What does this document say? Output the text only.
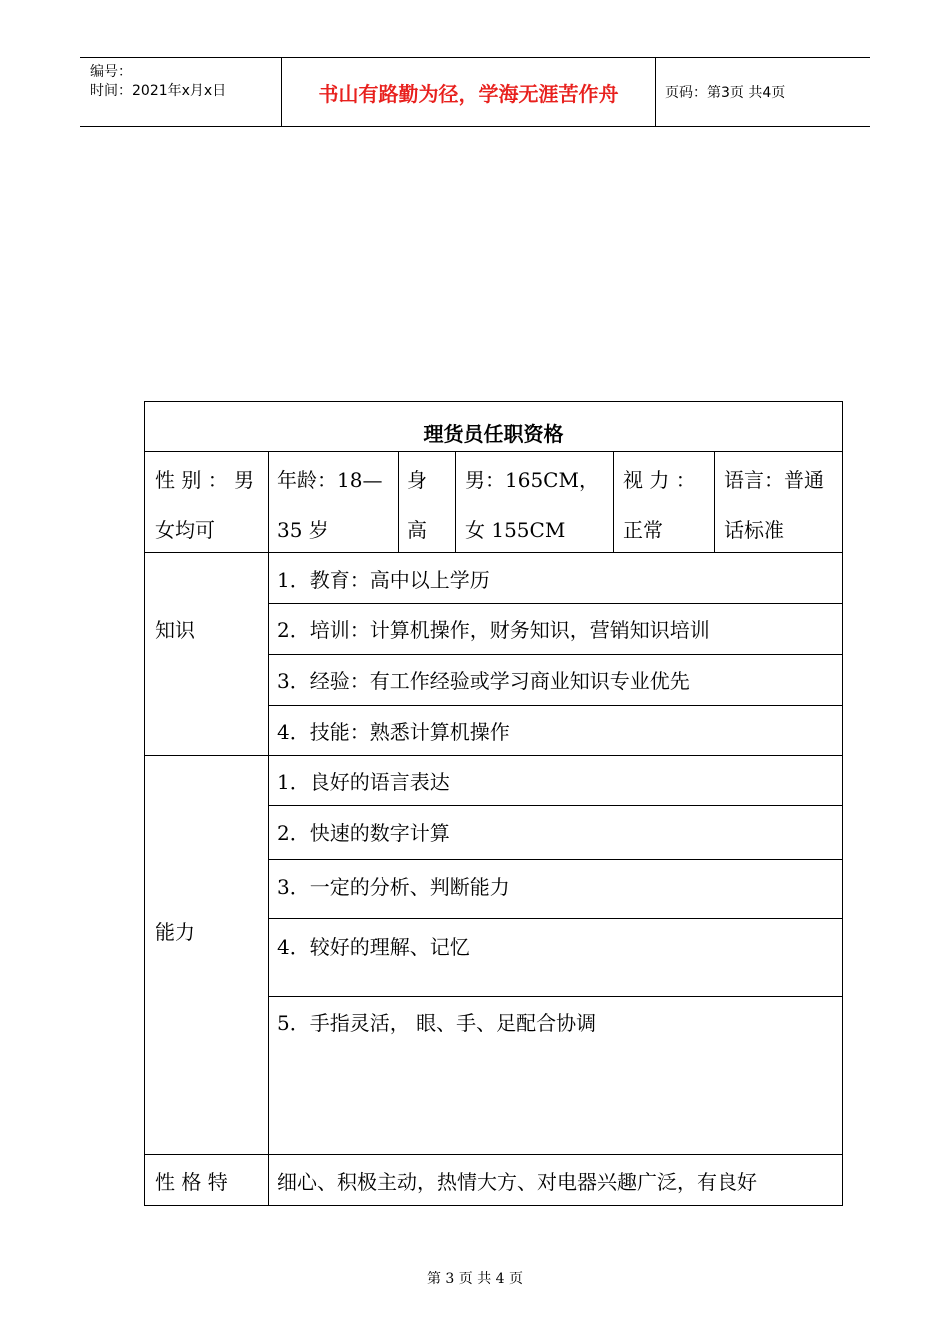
编号：
时间：2021年x月x日	书山有路勤为径，学海无涯苦作舟	页码：第3页 共4页
理货员任职资格
性 别 ： 男
女均可
年龄：18—
35 岁
身
高
男：165CM，
女 155CM
视 力 ：
正常
语言：普通
话标准
知识
1．教育：高中以上学历
2．培训：计算机操作，财务知识，营销知识培训
3．经验：有工作经验或学习商业知识专业优先
4．技能：熟悉计算机操作
能力
1．良好的语言表达
2．快速的数字计算
3．一定的分析、判断能力
4．较好的理解、记忆
5．手指灵活， 眼、手、足配合协调
性 格 特 细心、积极主动，热情大方、对电器兴趣广泛，有良好
第 3 页 共 4 页
